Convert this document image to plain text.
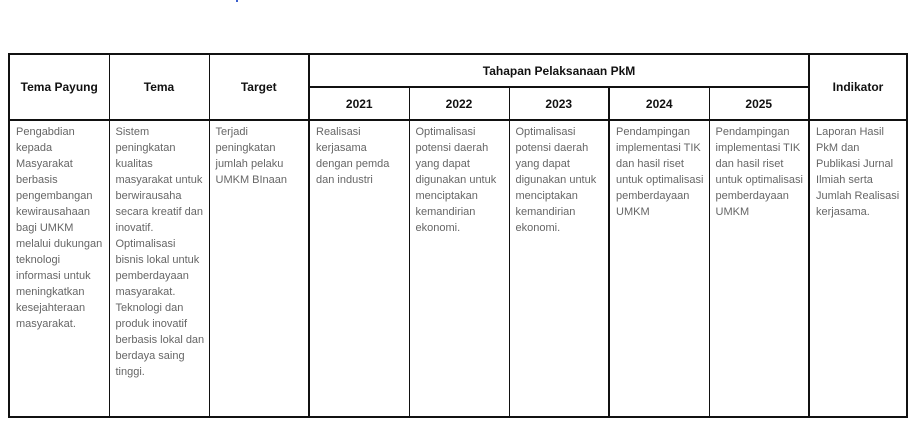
Tema Payung	Tema	Target	Tahapan Pelaksanaan PkM					Indikator
			2021	2022	2023	2024	2025	
Pengabdian kepada Masyarakat berbasis pengembangan kewirausahaan bagi UMKM melalui dukungan teknologi informasi untuk meningkatkan kesejahteraan masyarakat.	Sistem peningkatan kualitas masyarakat untuk berwirausaha secara kreatif dan inovatif. Optimalisasi bisnis lokal untuk pemberdayaan masyarakat. Teknologi dan produk inovatif berbasis lokal dan berdaya saing tinggi.	Terjadi peningkatan jumlah pelaku UMKM BInaan	Realisasi kerjasama dengan pemda dan industri	Optimalisasi potensi daerah yang dapat digunakan untuk menciptakan kemandirian ekonomi.	Optimalisasi potensi daerah yang dapat digunakan untuk menciptakan kemandirian ekonomi.	Pendampingan implementasi TIK dan hasil riset untuk optimalisasi pemberdayaan UMKM	Pendampingan implementasi TIK dan hasil riset untuk optimalisasi pemberdayaan UMKM	Laporan Hasil PkM dan Publikasi Jurnal Ilmiah serta Jumlah Realisasi kerjasama.
